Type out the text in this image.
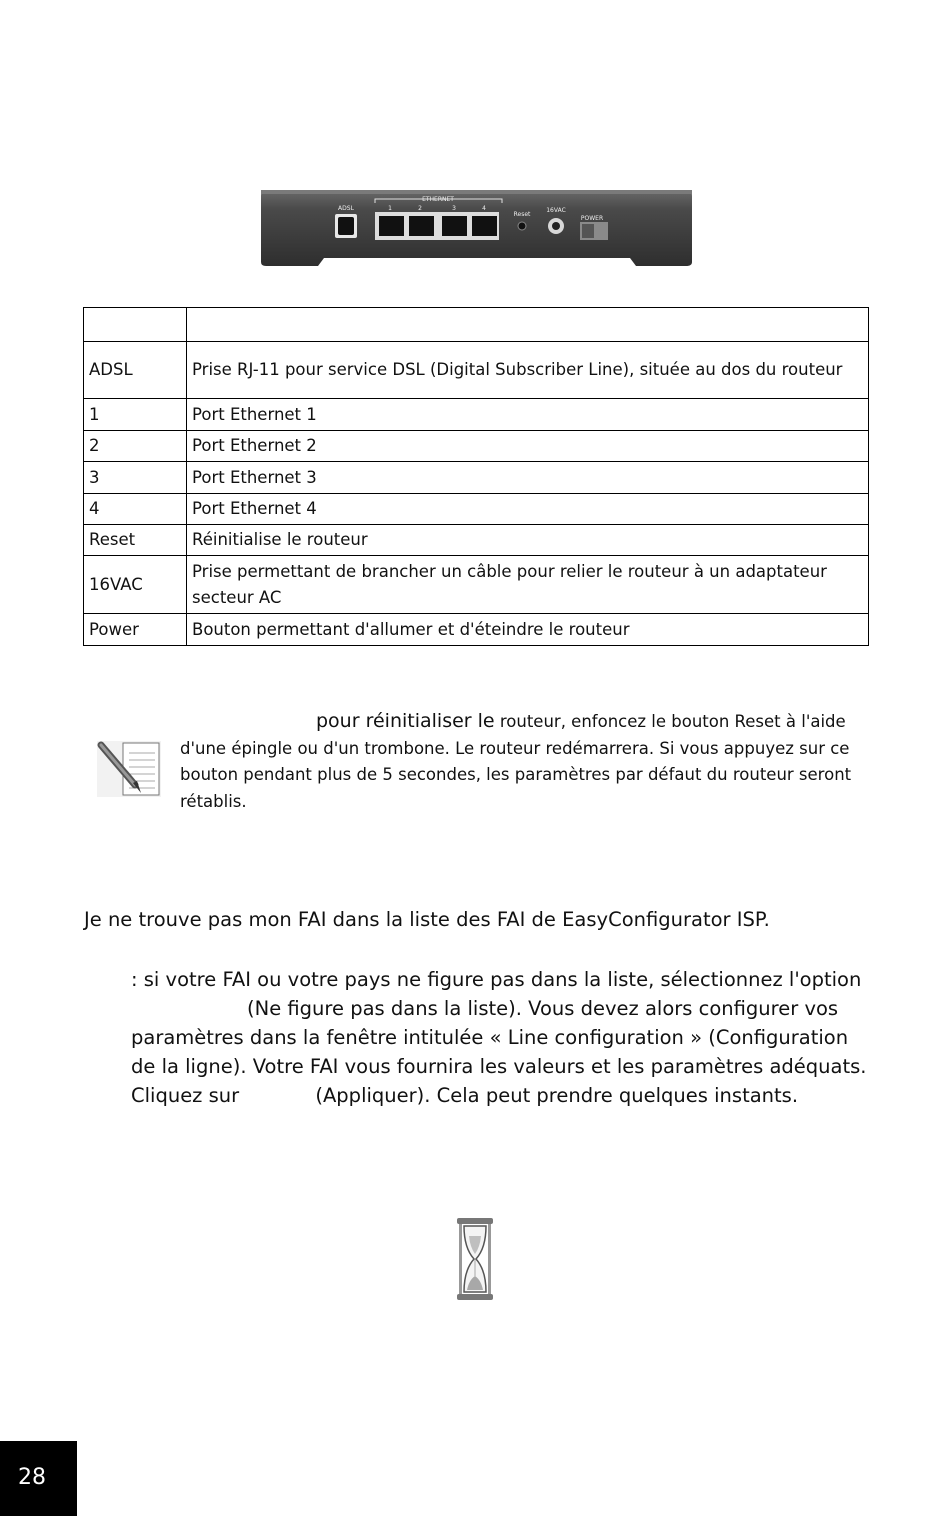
ETHERNET
ADSL	1	2	3	4
Reset
16VAC
POWER

ADSL	Prise RJ-11 pour service DSL (Digital Subscriber Line), située au dos du routeur
1	Port Ethernet 1
2	Port Ethernet 2
3	Port Ethernet 3
4	Port Ethernet 4
Reset	Réinitialise le routeur
16VAC	Prise permettant de brancher un câble pour relier le routeur à un adaptateur secteur AC
Power	Bouton permettant d'allumer et d'éteindre le routeur
pour réinitialiser le routeur, enfoncez le bouton Reset à l'aide d'une épingle ou d'un trombone. Le routeur redémarrera. Si vous appuyez sur ce bouton pendant plus de 5 secondes, les paramètres par défaut du routeur seront rétablis.
Je ne trouve pas mon FAI dans la liste des FAI de EasyConfigurator ISP.
: si votre FAI ou votre pays ne figure pas dans la liste, sélectionnez l'option (Ne figure pas dans la liste). Vous devez alors configurer vos paramètres dans la fenêtre intitulée « Line configuration » (Configuration de la ligne). Votre FAI vous fournira les valeurs et les paramètres adéquats. Cliquez sur	(Appliquer). Cela peut prendre quelques instants.
28
